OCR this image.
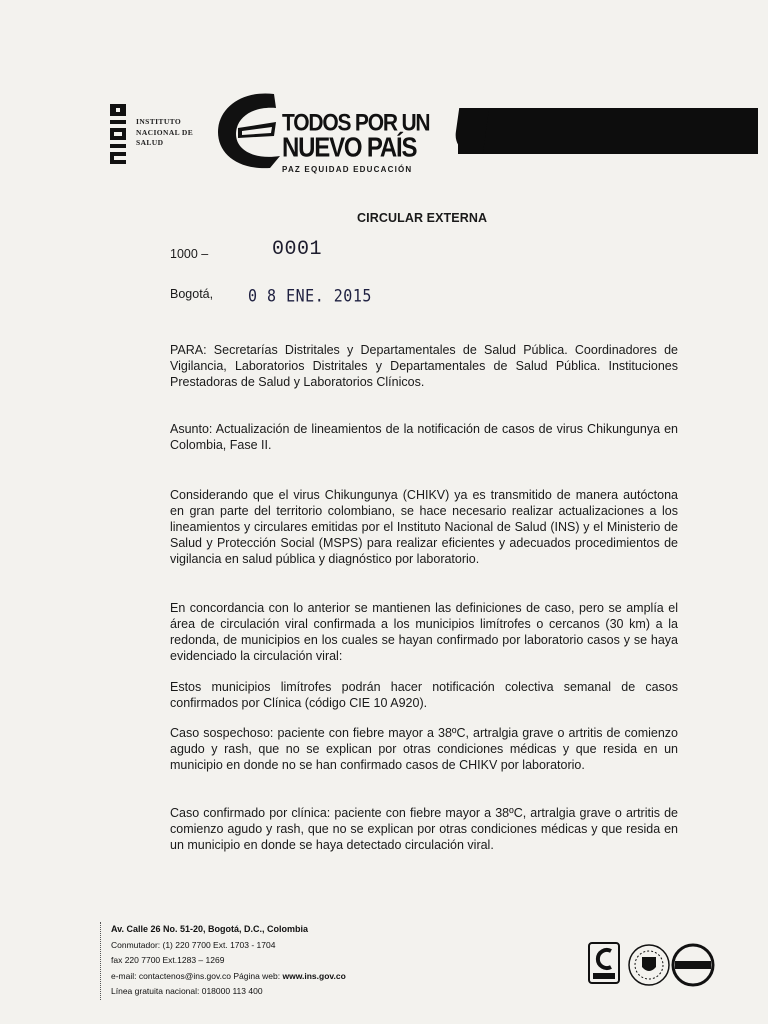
INSTITUTO
NACIONAL DE
SALUD
TODOS POR UN
NUEVO PAÍS
PAZ EQUIDAD EDUCACIÓN
CIRCULAR EXTERNA
1000 –	0001
Bogotá, 0 8 ENE. 2015
PARA: Secretarías Distritales y Departamentales de Salud Pública. Coordinadores de Vigilancia, Laboratorios Distritales y Departamentales de Salud Pública. Instituciones Prestadoras de Salud y Laboratorios Clínicos.
Asunto: Actualización de lineamientos de la notificación de casos de virus Chikungunya en Colombia, Fase II.
Considerando que el virus Chikungunya (CHIKV) ya es transmitido de manera autóctona en gran parte del territorio colombiano, se hace necesario realizar actualizaciones a los lineamientos y circulares emitidas por el Instituto Nacional de Salud (INS) y el Ministerio de Salud y Protección Social (MSPS) para realizar eficientes y adecuados procedimientos de vigilancia en salud pública y diagnóstico por laboratorio.
En concordancia con lo anterior se mantienen las definiciones de caso, pero se amplía el área de circulación viral confirmada a los municipios limítrofes o cercanos (30 km) a la redonda, de municipios en los cuales se hayan confirmado por laboratorio casos y se haya evidenciado la circulación viral:
Estos municipios limítrofes podrán hacer notificación colectiva semanal de casos confirmados por Clínica (código CIE 10 A920).
Caso sospechoso: paciente con fiebre mayor a 38ºC, artralgia grave o artritis de comienzo agudo y rash, que no se explican por otras condiciones médicas y que resida en un municipio en donde no se han confirmado casos de CHIKV por laboratorio.
Caso confirmado por clínica: paciente con fiebre mayor a 38ºC, artralgia grave o artritis de comienzo agudo y rash, que no se explican por otras condiciones médicas y que resida en un municipio en donde se haya detectado circulación viral.
Av. Calle 26 No. 51-20, Bogotá, D.C., Colombia
Conmutador: (1) 220 7700 Ext. 1703 - 1704
fax 220 7700 Ext.1283 – 1269
e-mail: contactenos@ins.gov.co Página web: www.ins.gov.co
Línea gratuita nacional: 018000 113 400
